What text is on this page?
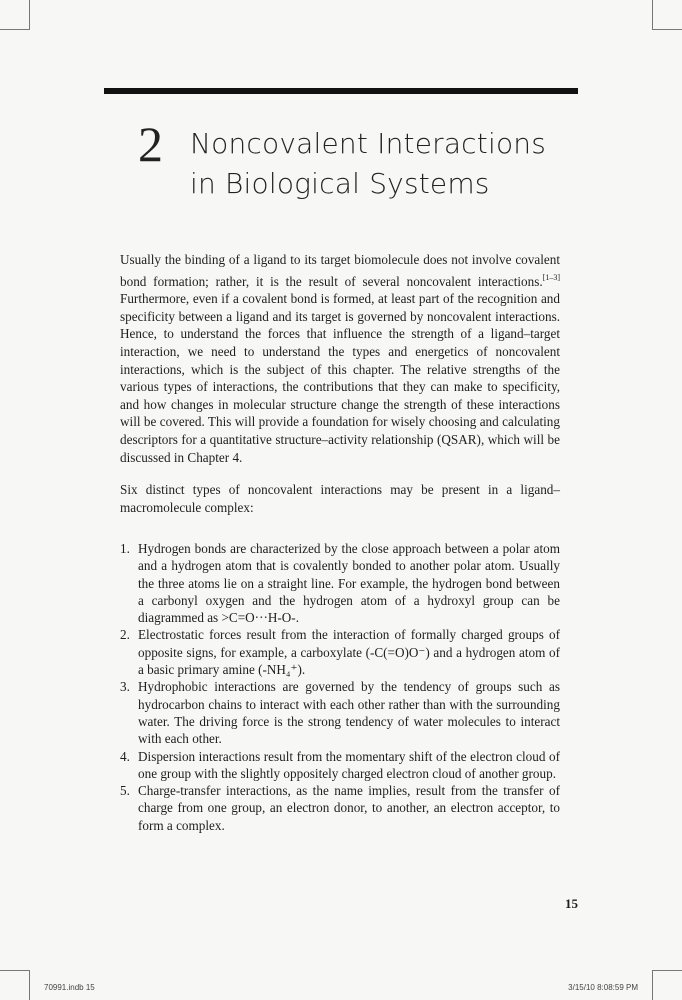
2 Noncovalent Interactions
in Biological Systems
Usually the binding of a ligand to its target biomolecule does not involve covalent bond formation; rather, it is the result of several noncovalent interactions.[1–3] Furthermore, even if a covalent bond is formed, at least part of the recognition and specificity between a ligand and its target is governed by noncovalent interactions. Hence, to understand the forces that influence the strength of a ligand–target interaction, we need to understand the types and energetics of noncovalent interactions, which is the subject of this chapter. The relative strengths of the various types of interactions, the contributions that they can make to specificity, and how changes in molecular structure change the strength of these interactions will be covered. This will provide a foundation for wisely choosing and calculating descriptors for a quantitative structure–activity relationship (QSAR), which will be discussed in Chapter 4.
Six distinct types of noncovalent interactions may be present in a ligand–macromolecule complex:
1. Hydrogen bonds are characterized by the close approach between a polar atom and a hydrogen atom that is covalently bonded to another polar atom. Usually the three atoms lie on a straight line. For example, the hydrogen bond between a carbonyl oxygen and the hydrogen atom of a hydroxyl group can be diagrammed as >C=O···H-O-.
2. Electrostatic forces result from the interaction of formally charged groups of opposite signs, for example, a carboxylate (-C(=O)O⁻) and a hydrogen atom of a basic primary amine (-NH₄⁺).
3. Hydrophobic interactions are governed by the tendency of groups such as hydrocarbon chains to interact with each other rather than with the surrounding water. The driving force is the strong tendency of water molecules to interact with each other.
4. Dispersion interactions result from the momentary shift of the electron cloud of one group with the slightly oppositely charged electron cloud of another group.
5. Charge-transfer interactions, as the name implies, result from the transfer of charge from one group, an electron donor, to another, an electron acceptor, to form a complex.
15
70991.indb 15	3/15/10 8:08:59 PM
